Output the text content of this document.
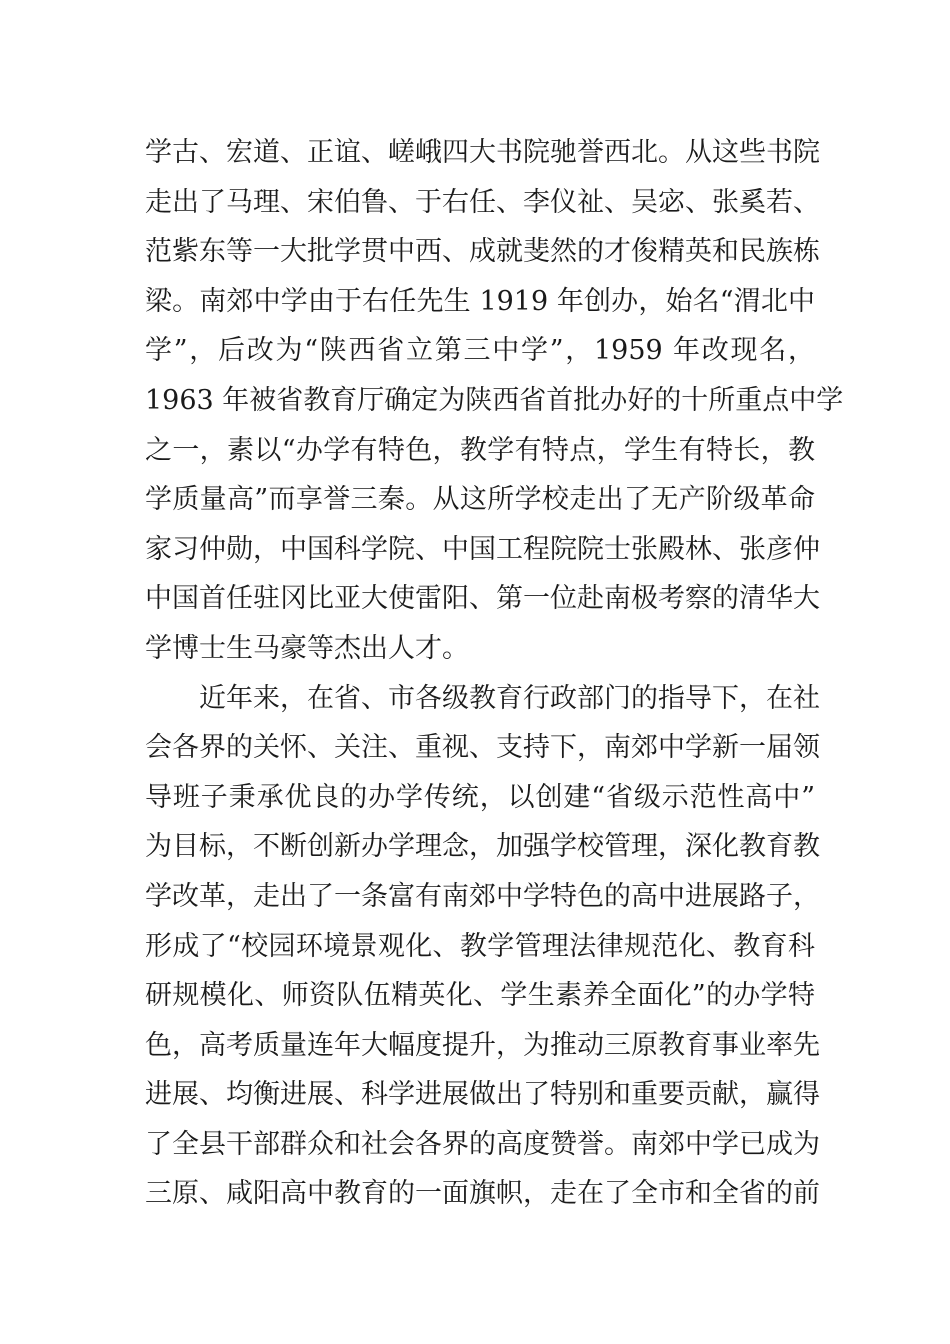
学古、宏道、正谊、嵯峨四大书院驰誉西北。从这些书院
走出了马理、宋伯鲁、于右任、李仪祉、吴宓、张奚若、
范紫东等一大批学贯中西、成就斐然的才俊精英和民族栋
梁。南郊中学由于右任先生 1919 年创办，始名“渭北中
学”，后改为“陕西省立第三中学”，1959 年改现名，
1963 年被省教育厅确定为陕西省首批办好的十所重点中学
之一，素以“办学有特色，教学有特点，学生有特长，教
学质量高”而享誉三秦。从这所学校走出了无产阶级革命
家习仲勋，中国科学院、中国工程院院士张殿林、张彦仲
中国首任驻冈比亚大使雷阳、第一位赴南极考察的清华大
学博士生马豪等杰出人才。
近年来，在省、市各级教育行政部门的指导下，在社
会各界的关怀、关注、重视、支持下，南郊中学新一届领
导班子秉承优良的办学传统，以创建“省级示范性高中”
为目标，不断创新办学理念，加强学校管理，深化教育教
学改革，走出了一条富有南郊中学特色的高中进展路子，
形成了“校园环境景观化、教学管理法律规范化、教育科
研规模化、师资队伍精英化、学生素养全面化”的办学特
色，高考质量连年大幅度提升，为推动三原教育事业率先
进展、均衡进展、科学进展做出了特别和重要贡献，赢得
了全县干部群众和社会各界的高度赞誉。南郊中学已成为
三原、咸阳高中教育的一面旗帜，走在了全市和全省的前
